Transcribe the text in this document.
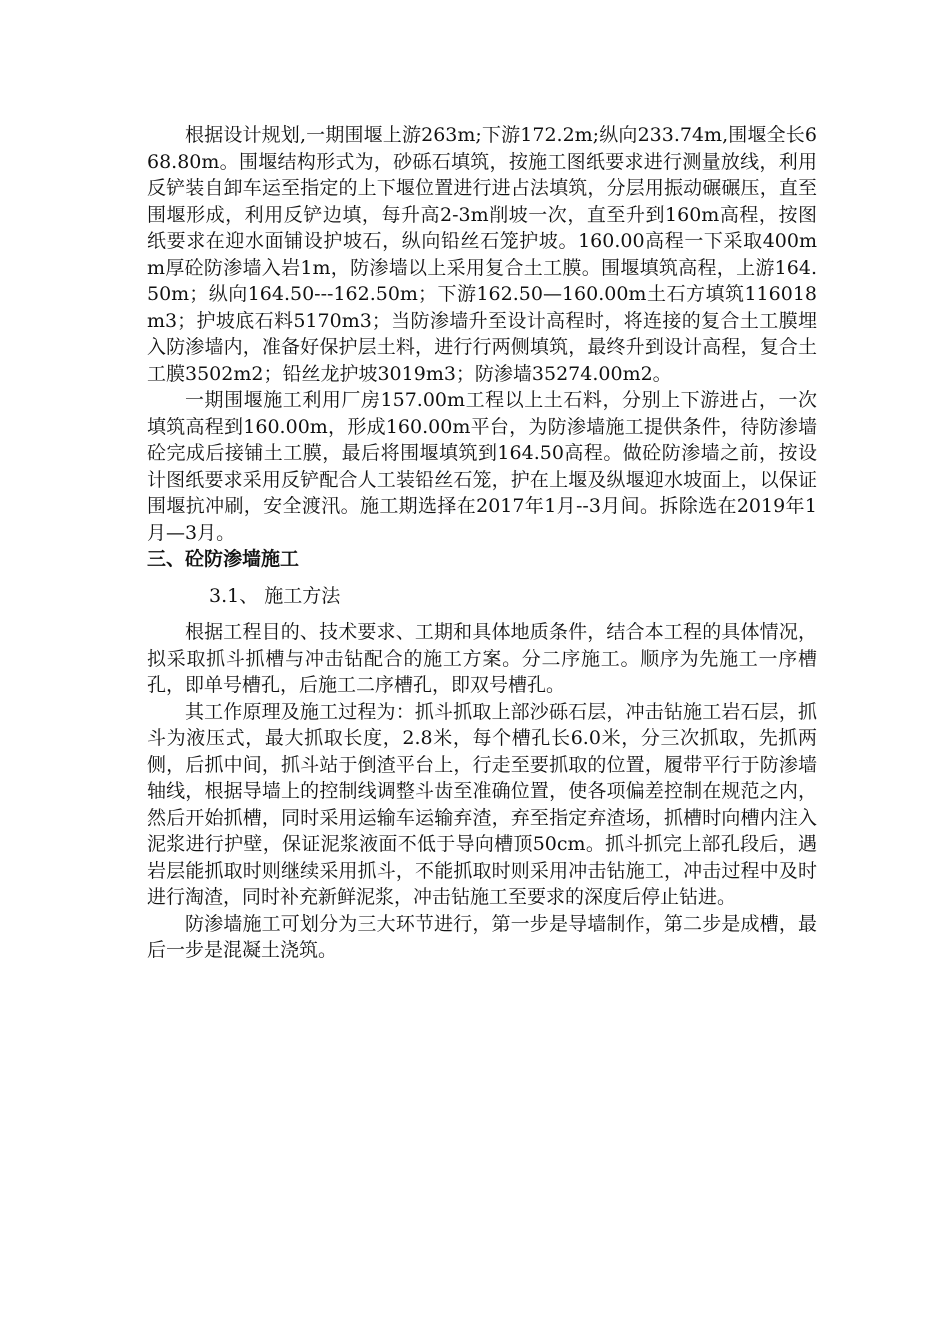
根据设计规划,一期围堰上游263m;下游172.2m;纵向233.74m,围堰全长668.80m。围堰结构形式为，砂砾石填筑，按施工图纸要求进行测量放线，利用反铲装自卸车运至指定的上下堰位置进行进占法填筑，分层用振动碾碾压，直至围堰形成，利用反铲边填，每升高2-3m削坡一次，直至升到160m高程，按图纸要求在迎水面铺设护坡石，纵向铅丝石笼护坡。160.00高程一下采取400mm厚砼防渗墙入岩1m，防渗墙以上采用复合土工膜。围堰填筑高程，上游164.50m；纵向164.50---162.50m；下游162.50—160.00m土石方填筑116018m3；护坡底石料5170m3；当防渗墙升至设计高程时，将连接的复合土工膜埋入防渗墙内，准备好保护层土料，进行行两侧填筑，最终升到设计高程，复合土工膜3502m2；铅丝龙护坡3019m3；防渗墙35274.00m2。

一期围堰施工利用厂房157.00m工程以上土石料，分别上下游进占，一次填筑高程到160.00m，形成160.00m平台，为防渗墙施工提供条件，待防渗墙砼完成后接铺土工膜，最后将围堰填筑到164.50高程。做砼防渗墙之前，按设计图纸要求采用反铲配合人工装铅丝石笼，护在上堰及纵堰迎水坡面上，以保证围堰抗冲刷，安全渡汛。施工期选择在2017年1月--3月间。拆除选在2019年1月—3月。

三、砼防渗墙施工

3.1、 施工方法

根据工程目的、技术要求、工期和具体地质条件，结合本工程的具体情况，拟采取抓斗抓槽与冲击钻配合的施工方案。分二序施工。顺序为先施工一序槽孔，即单号槽孔，后施工二序槽孔，即双号槽孔。

其工作原理及施工过程为：抓斗抓取上部沙砾石层，冲击钻施工岩石层，抓斗为液压式，最大抓取长度，2.8米，每个槽孔长6.0米，分三次抓取，先抓两侧，后抓中间，抓斗站于倒渣平台上，行走至要抓取的位置，履带平行于防渗墙轴线，根据导墙上的控制线调整斗齿至准确位置，使各项偏差控制在规范之内，然后开始抓槽，同时采用运输车运输弃渣，弃至指定弃渣场，抓槽时向槽内注入泥浆进行护壁，保证泥浆液面不低于导向槽顶50cm。抓斗抓完上部孔段后，遇岩层能抓取时则继续采用抓斗，不能抓取时则采用冲击钻施工，冲击过程中及时进行淘渣，同时补充新鲜泥浆，冲击钻施工至要求的深度后停止钻进。

防渗墙施工可划分为三大环节进行，第一步是导墙制作，第二步是成槽，最后一步是混凝土浇筑。
